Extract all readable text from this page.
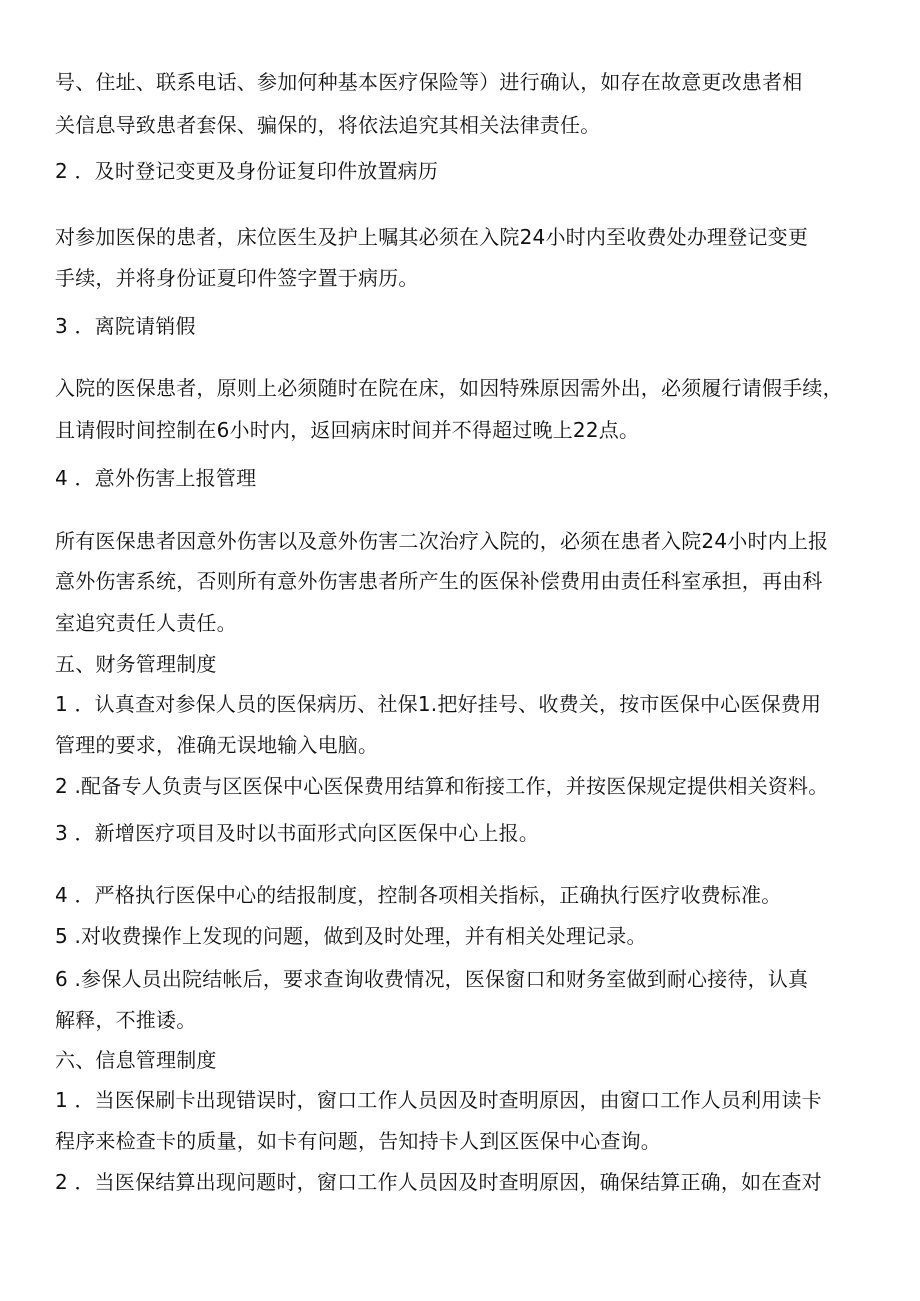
号、住址、联系电话、参加何种基本医疗保险等）进行确认，如存在故意更改患者相
关信息导致患者套保、骗保的，将依法追究其相关法律责任。
2 ．及时登记变更及身份证复印件放置病历
对参加医保的患者，床位医生及护上嘱其必须在入院24小时内至收费处办理登记变更
手续，并将身份证夏印件签字置于病历。
3 ．离院请销假
入院的医保患者，原则上必须随时在院在床，如因特殊原因需外出，必须履行请假手续，
且请假时间控制在6小时内，返回病床时间并不得超过晚上22点。
4 ．意外伤害上报管理
所有医保患者因意外伤害以及意外伤害二次治疗入院的，必须在患者入院24小时内上报
意外伤害系统，否则所有意外伤害患者所产生的医保补偿费用由责任科室承担，再由科
室追究责任人责任。
五、财务管理制度
1 ．认真查对参保人员的医保病历、社保1.把好挂号、收费关，按市医保中心医保费用
管理的要求，准确无误地输入电脑。
2 .配备专人负责与区医保中心医保费用结算和衔接工作，并按医保规定提供相关资料。
3 ．新增医疗项目及时以书面形式向区医保中心上报。
4 ．严格执行医保中心的结报制度，控制各项相关指标，正确执行医疗收费标准。
5 .对收费操作上发现的问题，做到及时处理，并有相关处理记录。
6 .参保人员出院结帐后，要求查询收费情况，医保窗口和财务室做到耐心接待，认真
解释，不推诿。
六、信息管理制度
1 ．当医保刷卡出现错误时，窗口工作人员因及时查明原因，由窗口工作人员利用读卡
程序来检查卡的质量，如卡有问题，告知持卡人到区医保中心查询。
2 ．当医保结算出现问题时，窗口工作人员因及时查明原因，确保结算正确，如在查对
